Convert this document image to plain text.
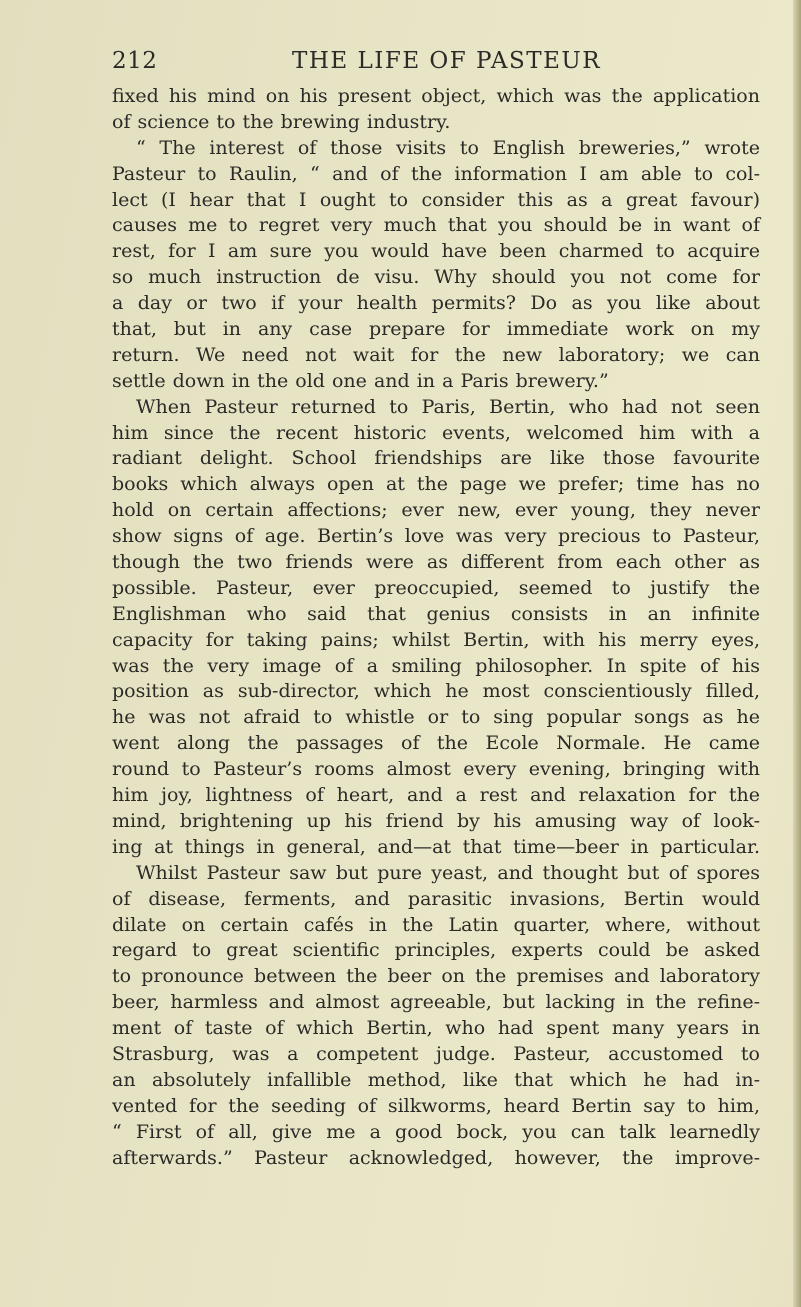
212	THE LIFE OF PASTEUR
fixed his mind on his present object, which was the application
of science to the brewing industry.
“ The interest of those visits to English breweries,” wrote
Pasteur to Raulin, “ and of the information I am able to col-
lect (I hear that I ought to consider this as a great favour)
causes me to regret very much that you should be in want of
rest, for I am sure you would have been charmed to acquire
so much instruction de visu. Why should you not come for
a day or two if your health permits? Do as you like about
that, but in any case prepare for immediate work on my
return. We need not wait for the new laboratory; we can
settle down in the old one and in a Paris brewery.”
When Pasteur returned to Paris, Bertin, who had not seen
him since the recent historic events, welcomed him with a
radiant delight. School friendships are like those favourite
books which always open at the page we prefer; time has no
hold on certain affections; ever new, ever young, they never
show signs of age. Bertin’s love was very precious to Pasteur,
though the two friends were as different from each other as
possible. Pasteur, ever preoccupied, seemed to justify the
Englishman who said that genius consists in an infinite
capacity for taking pains; whilst Bertin, with his merry eyes,
was the very image of a smiling philosopher. In spite of his
position as sub-director, which he most conscientiously filled,
he was not afraid to whistle or to sing popular songs as he
went along the passages of the Ecole Normale. He came
round to Pasteur’s rooms almost every evening, bringing with
him joy, lightness of heart, and a rest and relaxation for the
mind, brightening up his friend by his amusing way of look-
ing at things in general, and—at that time—beer in particular.
Whilst Pasteur saw but pure yeast, and thought but of spores
of disease, ferments, and parasitic invasions, Bertin would
dilate on certain cafés in the Latin quarter, where, without
regard to great scientific principles, experts could be asked
to pronounce between the beer on the premises and laboratory
beer, harmless and almost agreeable, but lacking in the refine-
ment of taste of which Bertin, who had spent many years in
Strasburg, was a competent judge. Pasteur, accustomed to
an absolutely infallible method, like that which he had in-
vented for the seeding of silkworms, heard Bertin say to him,
“ First of all, give me a good bock, you can talk learnedly
afterwards.” Pasteur acknowledged, however, the improve-
